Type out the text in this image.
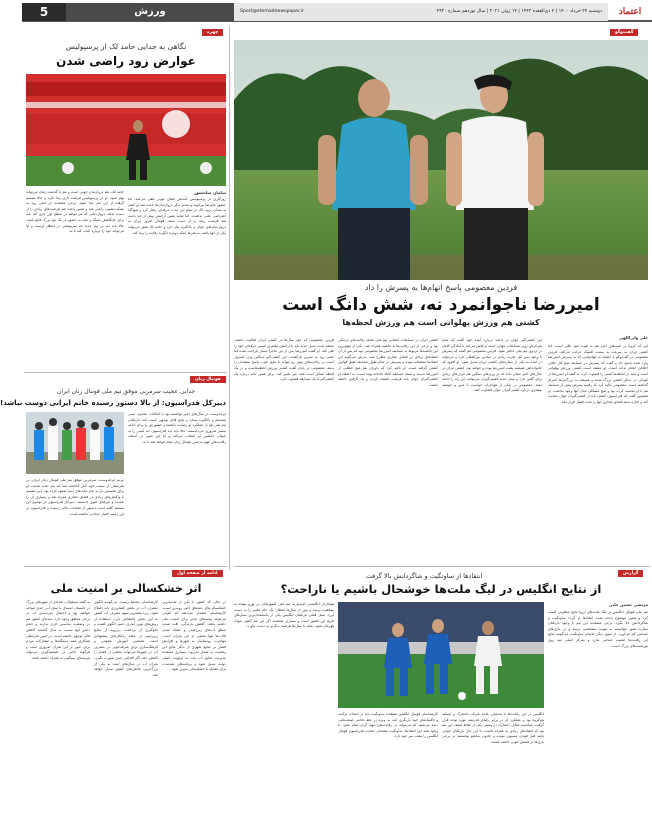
5	ورزش	Sport@etemadnewspaper.ir	دوشنبه ۲۴ خرداد ۱۴۰۰ | ۴ ذی‌القعده ۱۴۴۲ | ۱۴ ژوئن ۲۰۲۱ | سال نوزدهم شماره ۴۹۳۰	اعتماد
گفت‌وگو
فردین معصومی پاسخ اتهام‌ها به پسرش را داد
امیررضا ناجوانمرد نه، شش دانگ است
کشتی هم ورزش پهلوانی است هم ورزش لحظه‌ها
علی ولی‌اللهی
این که کرونا در شب‌های اخیر هم به قوت خود باقی است، اما کشتی ایران به سرعت به سمت المپیک حرکت می‌کند. فردین معصومی در گفت‌وگو با اعتماد به اتهام‌هایی که به پسرش امیررضا وارد شده پاسخ داد و گفت که پسرش در مسابقه هیچ کار خلاف اخلاقی انجام نداده است. او معتقد است کشتی ورزش پهلوانی است و نباید در لحظه‌ها کسی را قضاوت کرد. به گفته او امیررضا از کودکی در سالن کشتی بزرگ شده و همیشه به بزرگ‌ترها احترام گذاشته است. معصومی تاکید کرد که رقیب پسرش پیش از مسابقه هم با او صحبت کرده بود و هیچ مشکلی میان آنها وجود نداشت. او همچنین گفت که فدراسیون کشتی باید از کشتی‌گیران جوان حمایت کند و اجازه ندهد فضای مجازی آنها را تحت فشار قرار دهد.
این کشتی‌گیر جوان در ادامه درباره آینده خود گفت که تمام تمرکزش روی مسابقات جهانی است و تلاش می‌کند با آمادگی کامل در اردوی تیم ملی حاضر شود. فردین معصومی هم گفت که پسرش با وجود سن کم، تجربه زیادی در میادین بین‌المللی دارد و می‌تواند در آینده به یکی از ستاره‌های کشتی ایران تبدیل شود. او افزود که خانواده‌اش همیشه پشت امیررضا بوده و خواهد بود. کشتی ایران در سال‌های اخیر نشان داده که در وزن‌های سنگین هم حرف‌های زیادی برای گفتن دارد و نسل جدید کشتی‌گیران می‌توانند این راه را ادامه دهند. معصومی در پایان از هواداران خواست با صبر و حوصله بیشتری درباره کشتی‌گیران جوان قضاوت کنند.
کشتی ایران در مسابقات انتخابی تیم ملی شاهد رقابت‌های نزدیکی بود و برخی از این رقابت‌ها با حاشیه همراه شد. یکی از مهم‌ترین این حاشیه‌ها مربوط به مسابقه امیررضا معصومی بود که پس از آن انتقادهای زیادی در فضای مجازی مطرح شد. پدرش می‌گوید این انتقادها منصفانه نبوده و پسرش در تمام طول مسابقه طبق قوانین کشتی گرفته است. او تاکید کرد که داوران هم هیچ خطایی از امیررضا ندیدند و نتیجه مسابقه کاملا عادلانه بوده است. به اعتقاد او کشتی‌گیران جوان باید فرصت اشتباه کردن و یاد گرفتن داشته باشند.
فردین معصومی که خود سال‌ها در کشتی ایران فعالیت داشته، معتقد است نسل جدید باید با آرامش بیشتری مسیر حرفه‌ای خود را طی کند. او گفت امیررضا پس از این ماجرا بسیار ناراحت شده اما خیلی زود به تمرین بازگشت. این کشتی‌گیر سنگین وزن امیدوار است در رقابت‌های پیش رو بتواند با نتایج خوب پاسخ منتقدان را بدهد. معصومی در پایان گفت کشتی ورزش لحظه‌هاست و در یک لحظه ممکن است همه چیز تغییر کند، برای همین نباید درباره یک کشتی‌گیر با یک مسابقه قضاوت کرد.
چهره
نگاهی به جدایی حامد لک از پرسپولیس
عوارض زود راضی شدن
سلمان سلحشور
روزگاری در پرسپولیس آمدنش اتفاق خوبی تلقی می‌شد، اما حضور علیرضا بیرانوند و بعدتر دیگر دروازه‌بان‌ها باعث شد او کمتر به میدان برود. لک در تمام این مدت حرفه‌ای رفتار کرد و هیچ‌گاه اعتراضی علنی نداشت، اما شاید همین آرامش بیش از حد باعث شد فرصت رشد را از دست بدهد. فوتبال امروز ایران به دروازه‌بان‌های جوان و باانگیزه نیاز دارد و حامد لک هنوز می‌تواند یکی از آنها باشد، به شرط اینکه دوباره انگیزه رقابت را پیدا کند.
حامد لک، هم دروازه‌بان خوبی است و هم با گذشت زمان می‌تواند بهتر شود. او در پرسپولیس فرصت بازی پیدا نکرد و حالا تصمیم گرفته از این تیم جدا شود. برخی معتقدند او خیلی زود به نیمکت‌نشینی راضی شد و همین باعث شد فرصت‌های زیادی را از دست بدهد. دروازه‌بانی که می‌خواهد در سطح اول بازی کند باید برای جایگاهش بجنگد و نباید به حضور در یک تیم بزرگ قانع باشد. حالا باید دید در تیم جدید چه سرنوشتی در انتظار اوست و آیا می‌تواند خود را دوباره اثبات کند یا نه.
فوتبال زنان
جدایی عجیب سرمربی موفق تیم ملی فوتبال زنان ایران
دبیرکل فدراسیون: از بالا دستور رسیده خاتم ایرانی دوست نباشد!
مریم ایراندوست، سرمربی موفق تیم ملی فوتبال زنان ایران، در شرایطی از سمت خود کنار گذاشته شد که تیم تحت هدایت او برای نخستین بار به جام ملت‌های آسیا صعود کرده بود. این تصمیم با واکنش‌های زیادی در فضای مجازی همراه شد و بسیاری آن را عجیب و غیرقابل قبول دانستند. دبیرکل فدراسیون در توضیح این تصمیم گفته است دستور از مقامات بالاتر رسیده و فدراسیون در این زمینه اختیار چندانی نداشته است.
ایراندوست در سال‌های اخیر توانسته بود با امکانات محدود، تیمی منسجم و باانگیزه بسازد و نتایج قابل توجهی کسب کند. بازیکنان تیم ملی هم از عملکرد او رضایت داشتند و حضورش را برای ادامه مسیر ضروری می‌دانستند. حالا باید دید فدراسیون چه کسی را به عنوان جانشین او انتخاب می‌کند و آیا این تغییر در آستانه رقابت‌های مهم به ضرر فوتبال زنان تمام خواهد شد یا نه.
ادامه از صفحه اول
اثر خشکسالی بر امنیت ملی
در حالی که کشور با یکی از شدیدترین خشکسالی‌های دهه‌های اخیر روبه‌رو است، کارشناسان هشدار می‌دهند که کم‌آبی می‌تواند پیامدهای جدی برای امنیت ملی داشته باشد. کاهش بارندگی، افت شدید سطح آب‌های زیرزمینی و خشک شدن تالاب‌ها تنها بخشی از این بحران است. مهاجرت روستاییان به شهرها و افزایش فشار بر منابع شهری از دیگر نتایج این وضعیت به شمار می‌رود. بسیاری معتقدند مدیریت منابع آب باید به اولویت اصلی دولت تبدیل شود و برنامه‌های بلندمدت برای مقابله با خشکسالی تدوین شود.
کارشناسان محیط زیست می‌گویند الگوی مصرف آب در بخش کشاورزی باید اصلاح شود، زیرا بیشترین سهم مصرف آب کشور به این بخش اختصاص دارد. استفاده از روش‌های نوین آبیاری، تغییر الگوی کشت و جلوگیری از برداشت بی‌رویه از منابع زیرزمینی از جمله راهکارهای پیشنهادی است. همچنین آموزش عمومی و فرهنگ‌سازی برای صرفه‌جویی در مصرف آب در شهرها می‌تواند بخشی از فشار را کاهش دهد. اگر اقدامی جدی صورت نگیرد، بحران آب در سال‌های آینده به یکی از بزرگ‌ترین چالش‌های کشور تبدیل خواهد شد.
به گفته مسئولان، تعدادی از شهرهای بزرگ در تابستان امسال با تنش آبی جدی مواجه خواهند بود و احتمال جیره‌بندی آب در برخی مناطق وجود دارد. سدهای کشور هم در وضعیت مناسبی قرار ندارند و حجم ذخایر آنها نسبت به سال گذشته کاهش قابل توجهی داشته است. در چنین شرایطی همکاری همه دستگاه‌ها و مشارکت مردم برای عبور از این بحران ضروری است و هرگونه تاخیر در تصمیم‌گیری می‌تواند هزینه‌های سنگینی به همراه داشته باشد.
گزارش
انتقادها از ساوتگیت و شاگردانش بالا گرفت
از نتایج انگلیس در لیگ ملت‌ها خوشحال باشیم یا ناراحت؟
مرتضی حسین خانی
تیم ملی فوتبال انگلیس در لیگ ملت‌های اروپا نتایج متفاوتی کسب کرد و همین موضوع باعث شده انتقادها از گرت ساوتگیت و شاگردانش بالا بگیرد. برخی معتقدند این تیم با وجود بازیکنان ستاره، هنوز نتوانسته به هویت مشخصی برسد و در بازی‌های حساس کم می‌آورد. از سوی دیگر حامیان ساوتگیت می‌گویند نتایج این رقابت‌ها اهمیت چندانی ندارد و تمرکز اصلی تیم روی تورنمنت‌های بزرگ است.
انگلیس در این رقابت‌ها با تیم‌هایی مانند بلژیک، دانمارک و ایسلند هم‌گروه بود و عملکرد آن در برابر رقبای قدرتمند مورد توجه قرار گرفت. شکست مقابل دانمارک در ومبلی یکی از نقاط ضعف این تیم بود که انتقادهای زیادی به همراه داشت. با این حال بازیکنان جوانی مانند فیل فودن، میسون مونت و جادون سانچو توانستند در برخی بازی‌ها درخشش خوبی داشته باشند.
کارشناسان فوتبال انگلیس معتقدند ساوتگیت باید در انتخاب ترکیب و تاکتیک‌های خود بازنگری کند. به ویژه در خط دفاعی ضعف‌هایی دیده می‌شود که می‌تواند در رقابت‌های مهم گران تمام شود. با وجود همه این انتقادها، ساوتگیت همچنان حمایت فدراسیون فوتبال انگلیس را پشت سر خود دارد.
هواداران انگلیسی امیدوارند تیم ملی کشورشان در یورو بتواند به موفقیت برسد و پس از سال‌ها انتظار، یک جام معتبر را به دست آورد. نسل فعلی بازیکنان انگلیس یکی از بااستعدادترین نسل‌های تاریخ این کشور است و بسیاری معتقدند اگر این تیم اکنون نتواند قهرمان شود، شاید تا سال‌ها فرصت دیگری به دست نیاورد.
